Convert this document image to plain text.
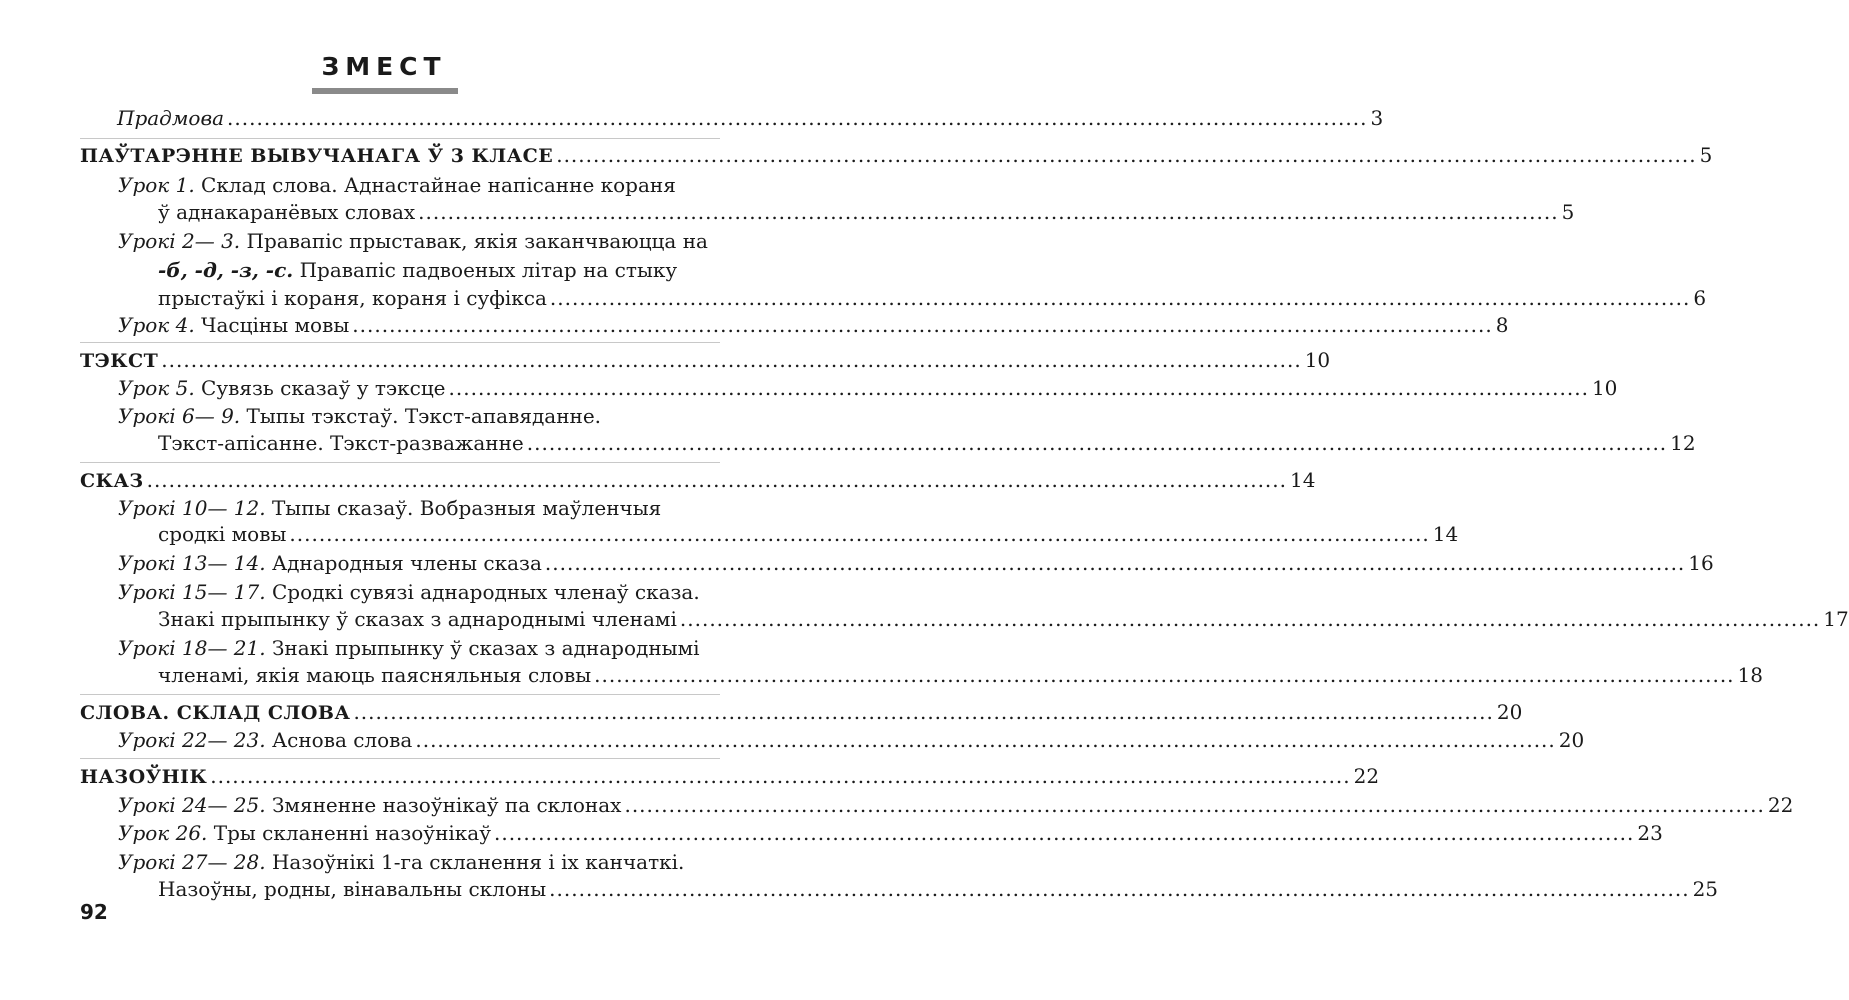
ЗМЕСТ
Прадмова ........................................................................................................................................................... 3
ПАЎТАРЭННЕ ВЫВУЧАНАГА Ў 3 КЛАСЕ ........................................................................................................................................................... 5
Урок 1. Склад слова. Аднастайнае напісанне кораня
ў аднакаранёвых словах ........................................................................................................................................................... 5
Урокі 2— 3. Правапіс прыставак, якія заканчваюцца на
-б, -д, -з, -с. Правапіс падвоеных літар на стыку
прыстаўкі і кораня, кораня і суфікса ........................................................................................................................................................... 6
Урок 4. Часціны мовы ........................................................................................................................................................... 8
ТЭКСТ ........................................................................................................................................................... 10
Урок 5. Сувязь сказаў у тэксце ........................................................................................................................................................... 10
Урокі 6— 9. Тыпы тэкстаў. Тэкст-апавяданне.
Тэкст-апісанне. Тэкст-разважанне ........................................................................................................................................................... 12
СКАЗ ........................................................................................................................................................... 14
Урокі 10— 12. Тыпы сказаў. Вобразныя маўленчыя
сродкі мовы ........................................................................................................................................................... 14
Урокі 13— 14. Аднародныя члены сказа ........................................................................................................................................................... 16
Урокі 15— 17. Сродкі сувязі аднародных членаў сказа.
Знакі прыпынку ў сказах з аднароднымі членамі ........................................................................................................................................................... 17
Урокі 18— 21. Знакі прыпынку ў сказах з аднароднымі
членамі, якія маюць паясняльныя словы ........................................................................................................................................................... 18
СЛОВА. СКЛАД СЛОВА ........................................................................................................................................................... 20
Урокі 22— 23. Аснова слова ........................................................................................................................................................... 20
НАЗОЎНІК ........................................................................................................................................................... 22
Урокі 24— 25. Змяненне назоўнікаў па склонах ........................................................................................................................................................... 22
Урок 26. Тры скланенні назоўнікаў ........................................................................................................................................................... 23
Урокі 27— 28. Назоўнікі 1-га скланення і іх канчаткі.
Назоўны, родны, вінавальны склоны ........................................................................................................................................................... 25
92
